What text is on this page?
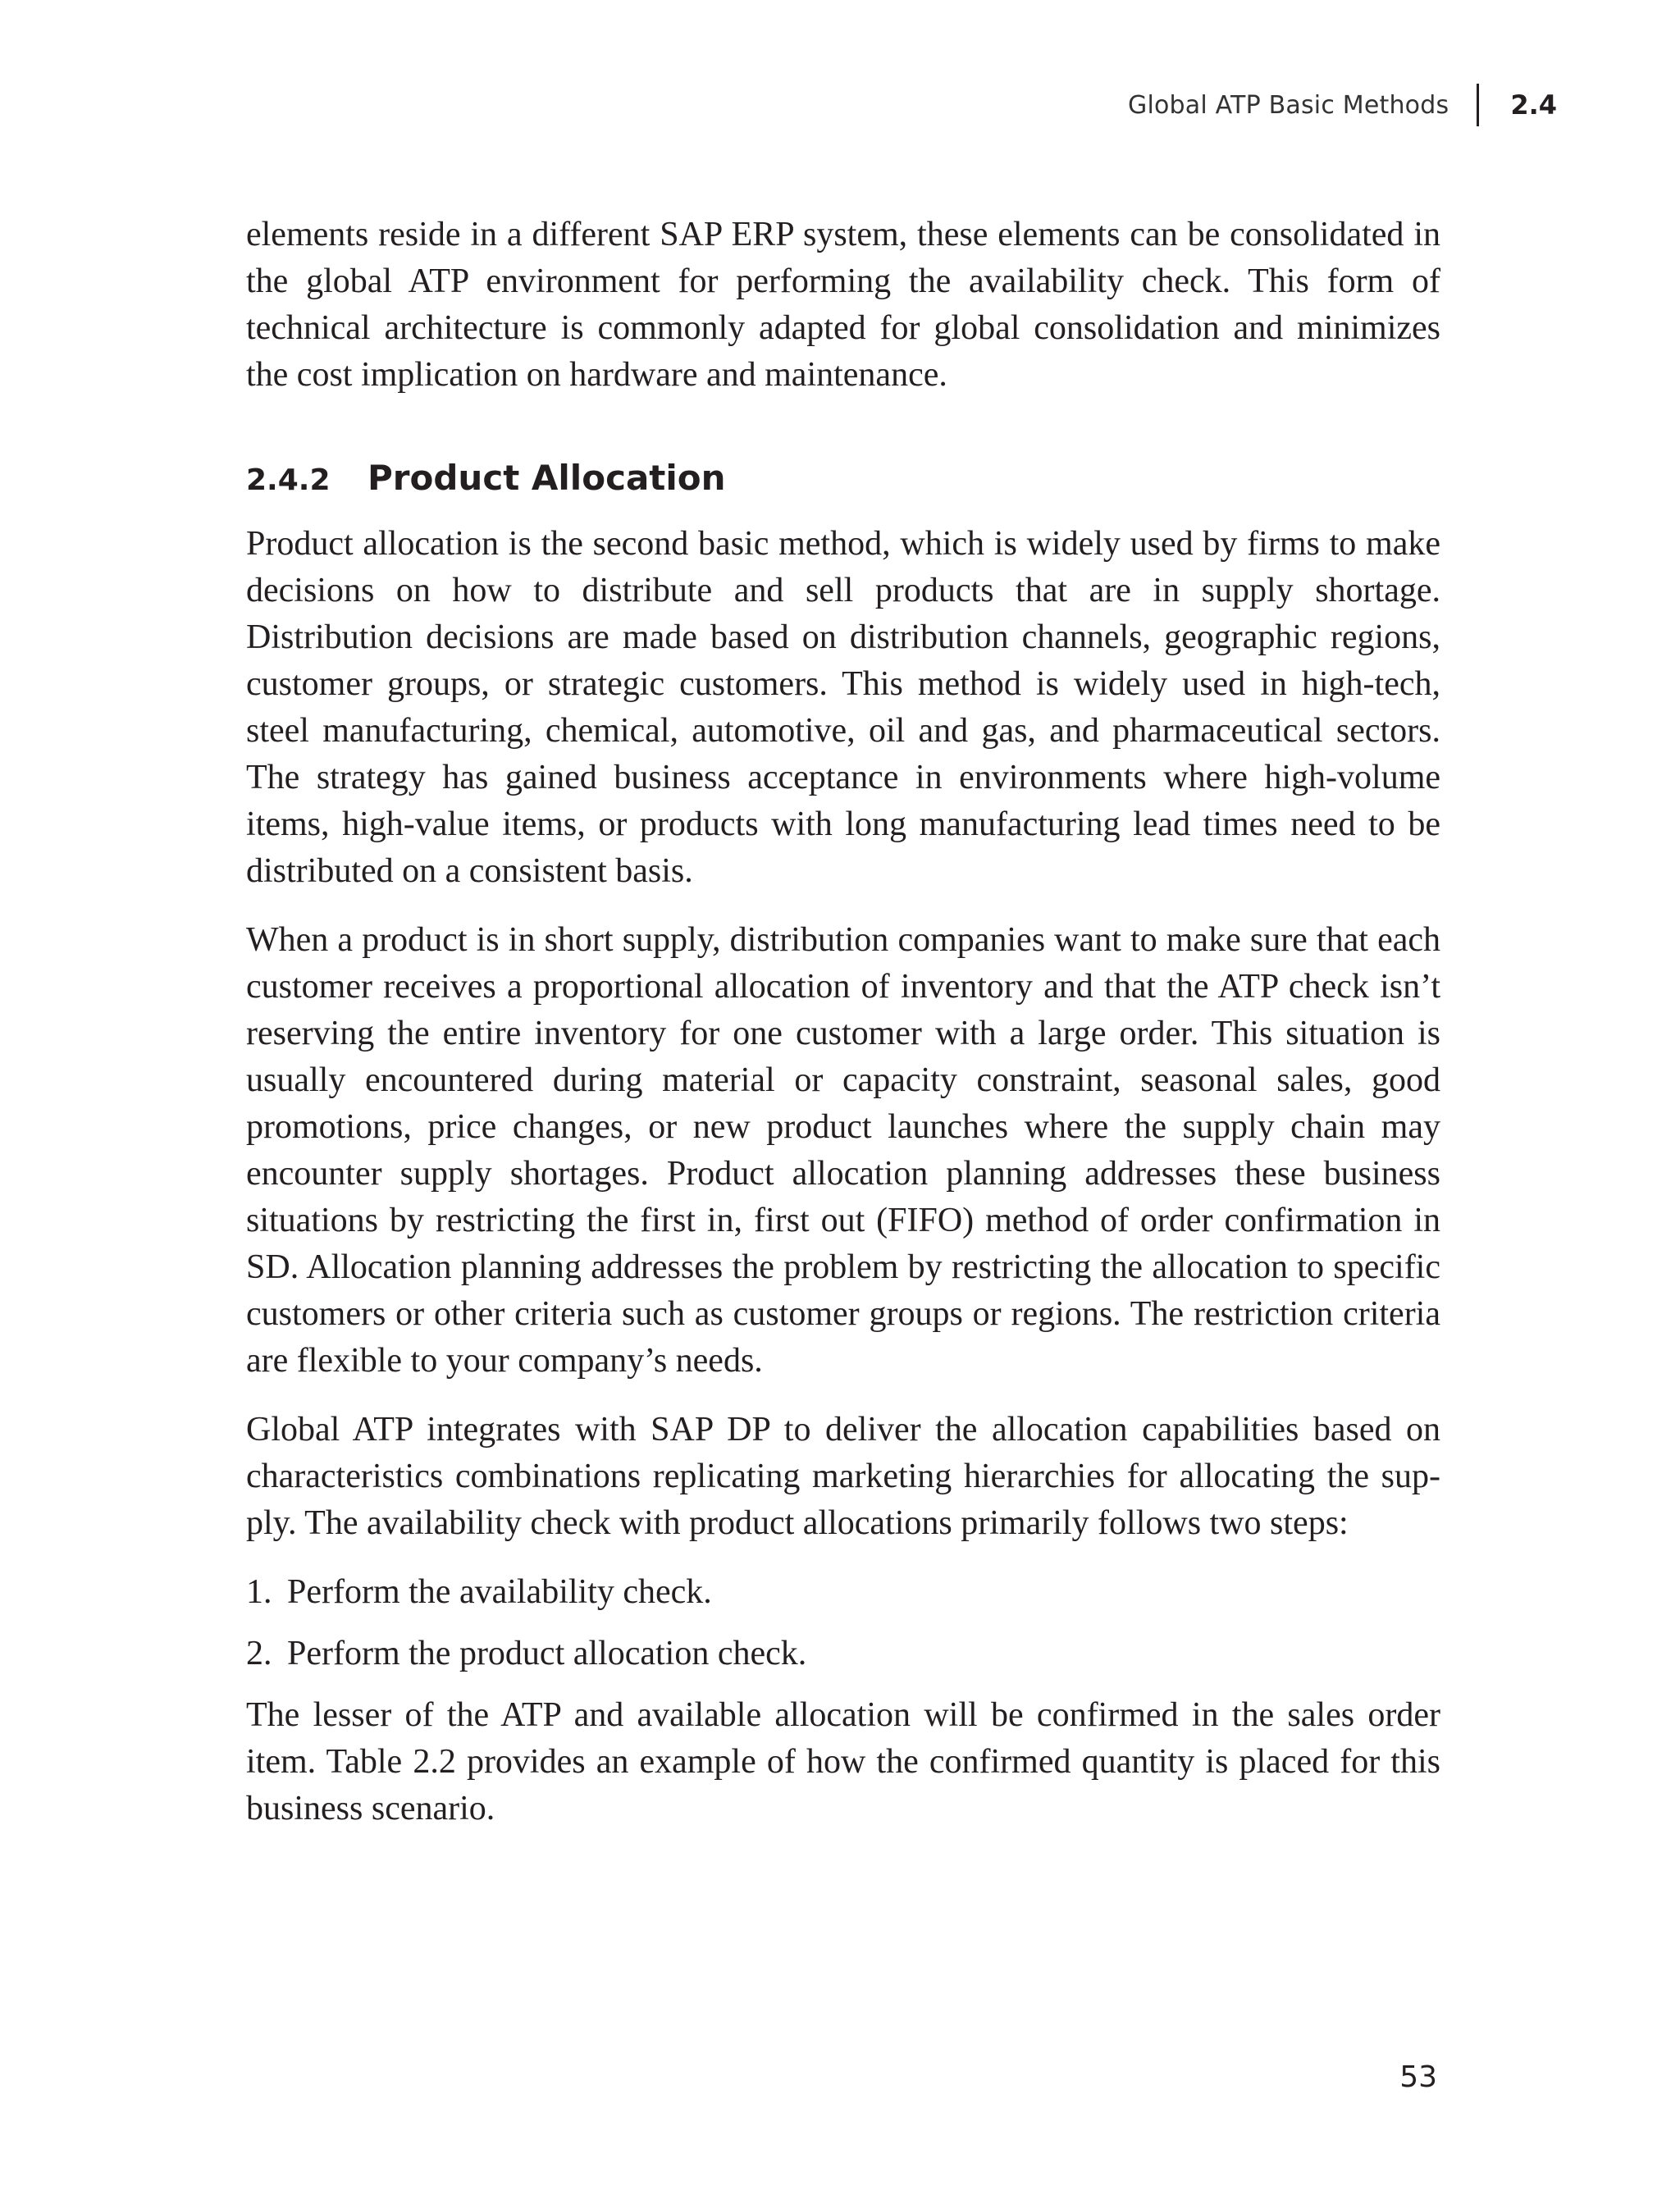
Global ATP Basic Methods 2.4

elements reside in a different SAP ERP system, these elements can be consolidated in the global ATP environment for performing the availability check. This form of technical architecture is commonly adapted for global consolidation and minimizes the cost implication on hardware and maintenance.

2.4.2	Product Allocation

Product allocation is the second basic method, which is widely used by firms to make decisions on how to distribute and sell products that are in supply shortage. Distribution decisions are made based on distribution channels, geographic regions, customer groups, or strategic customers. This method is widely used in high-tech, steel manufacturing, chemical, automotive, oil and gas, and pharmaceutical sectors. The strategy has gained business acceptance in environments where high-volume items, high-value items, or products with long manufacturing lead times need to be distributed on a consistent basis.

When a product is in short supply, distribution companies want to make sure that each customer receives a proportional allocation of inventory and that the ATP check isn’t reserving the entire inventory for one customer with a large order. This situation is usually encountered during material or capacity constraint, seasonal sales, good promotions, price changes, or new product launches where the supply chain may encounter supply shortages. Product allocation planning addresses these business situations by restricting the first in, first out (FIFO) method of order confirmation in SD. Allocation planning addresses the problem by restricting the allocation to specific customers or other criteria such as customer groups or regions. The restriction criteria are flexible to your company’s needs.

Global ATP integrates with SAP DP to deliver the allocation capabilities based on characteristics combinations replicating marketing hierarchies for allocating the supply. The availability check with product allocations primarily follows two steps:

1. Perform the availability check.
2. Perform the product allocation check.

The lesser of the ATP and available allocation will be confirmed in the sales order item. Table 2.2 provides an example of how the confirmed quantity is placed for this business scenario.

53
